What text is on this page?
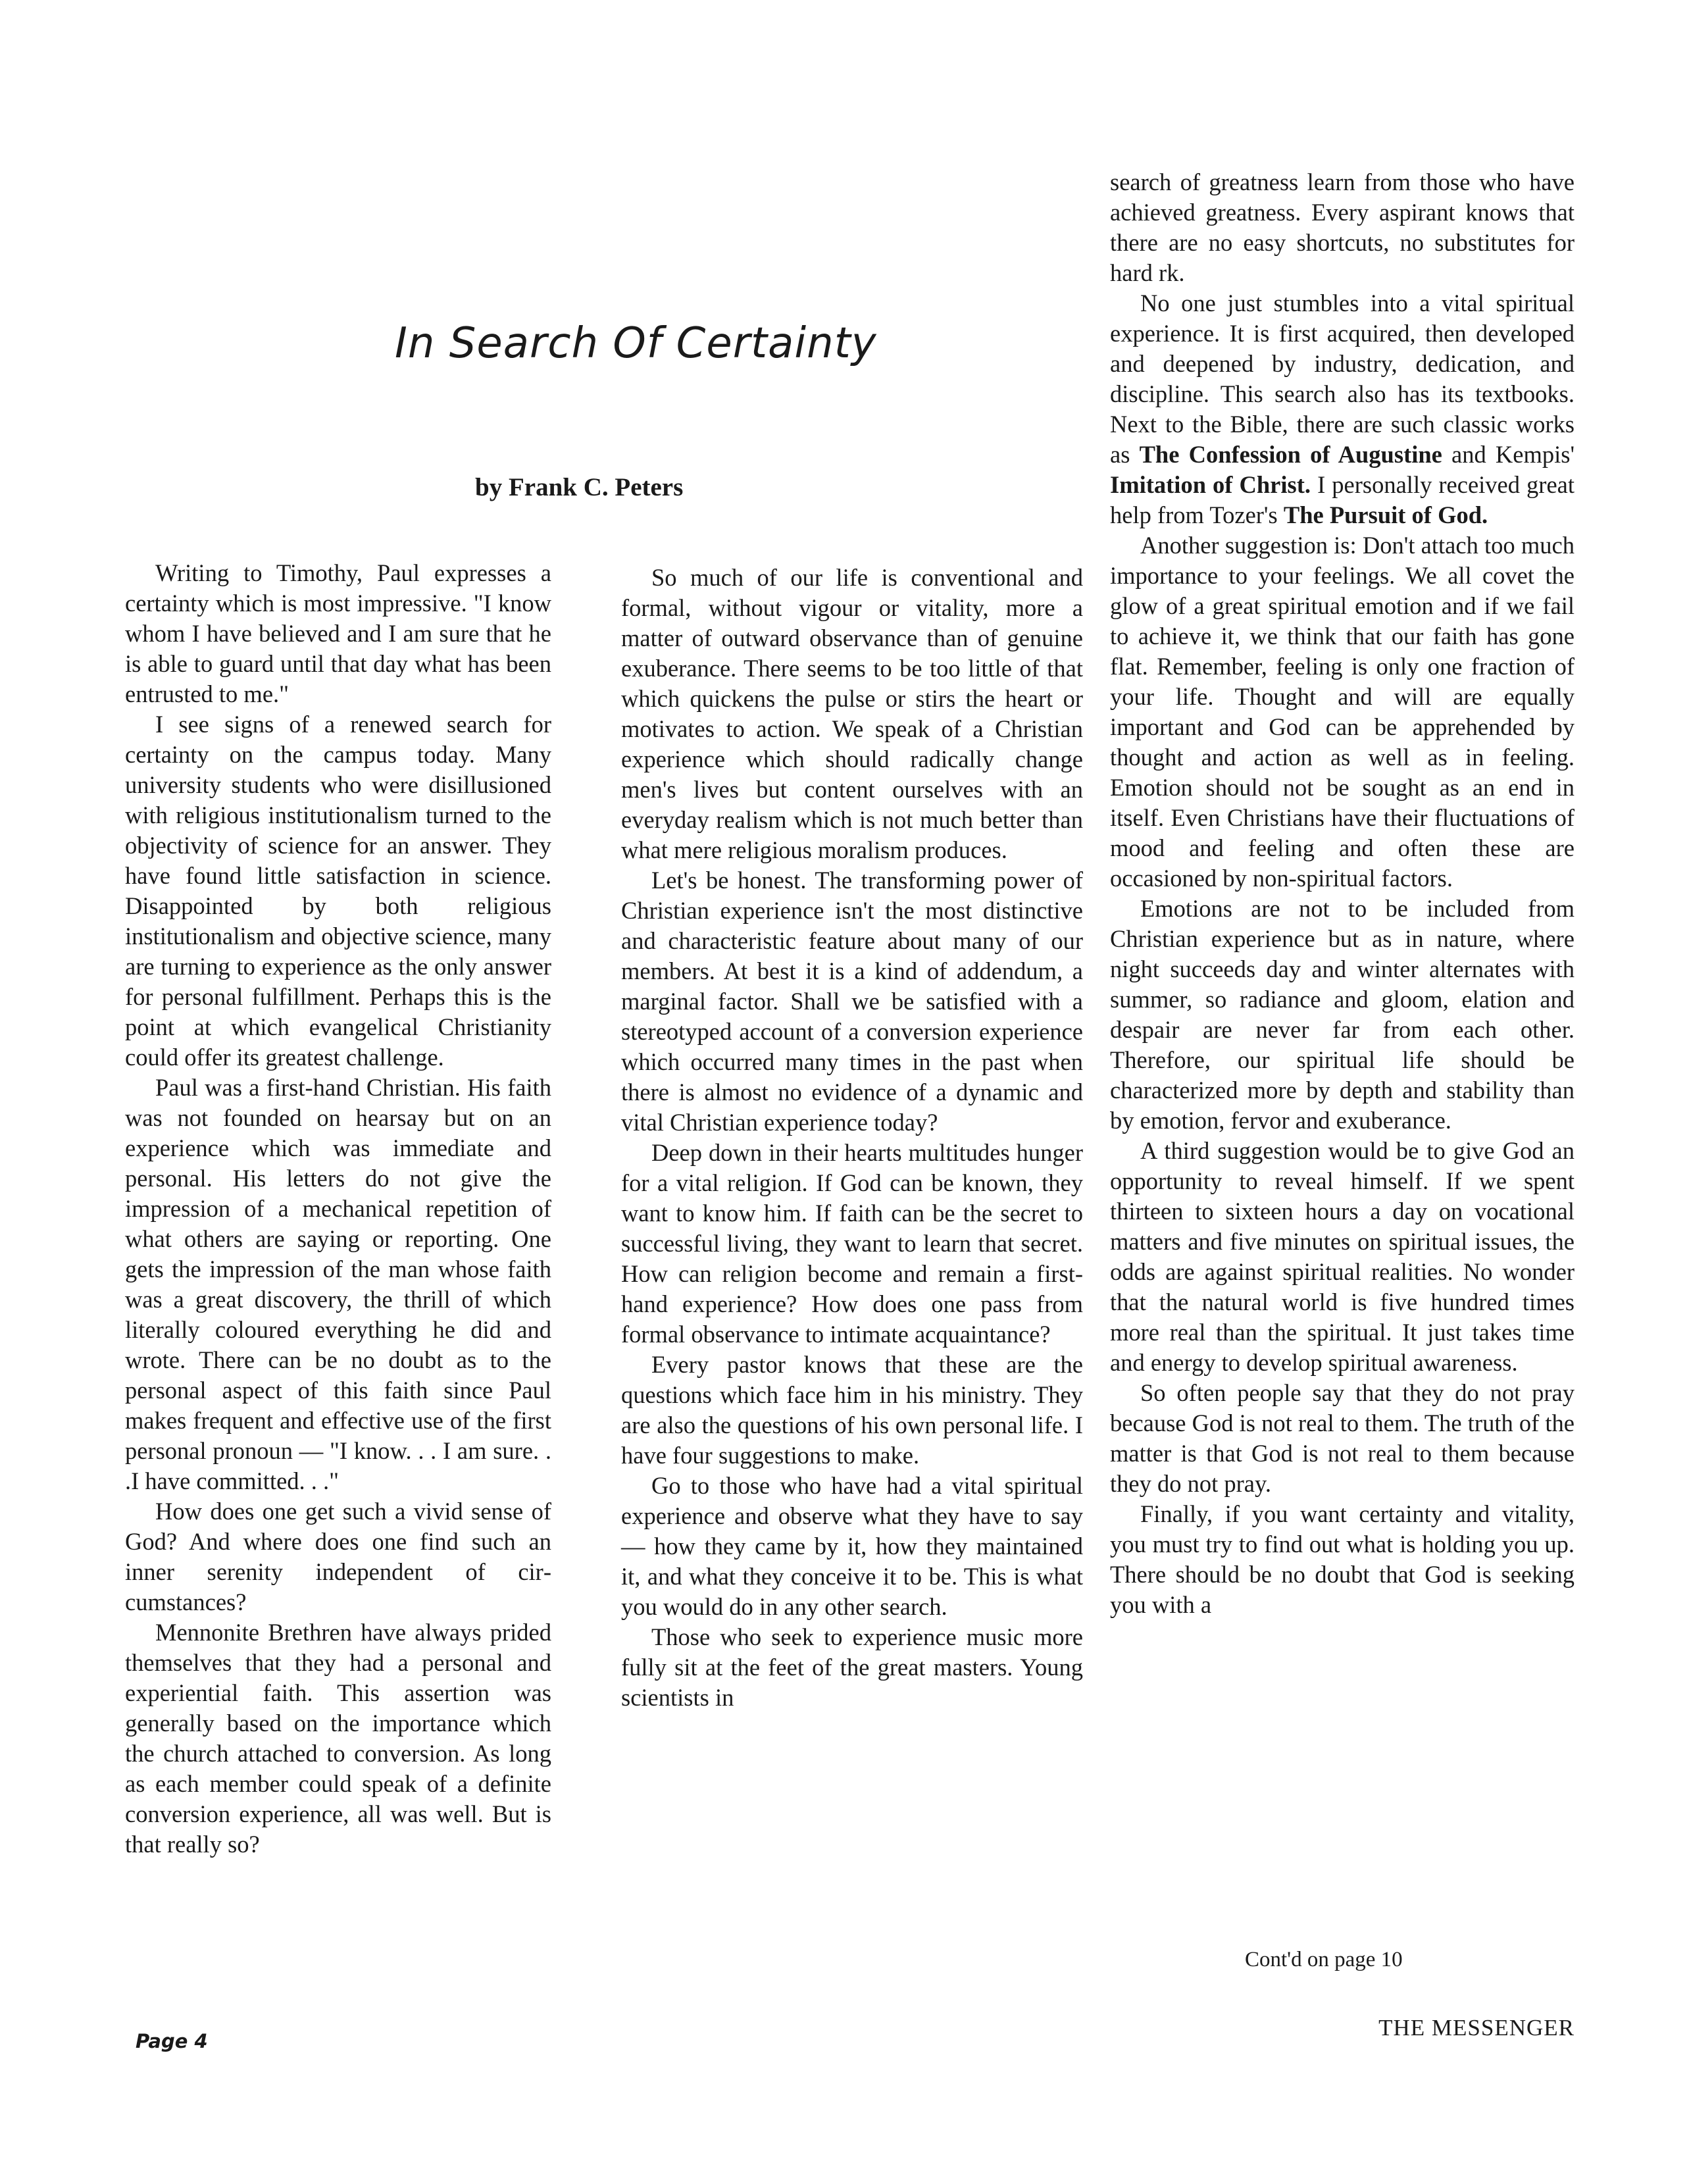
In Search Of Certainty
by Frank C. Peters

Writing to Timothy, Paul expresses a certainty which is most impressive. "I know whom I have believed and I am sure that he is able to guard until that day what has been entrusted to me."

I see signs of a renewed search for certainty on the campus today. Many university students who were disillusioned with religious institutionalism turned to the objectivity of science for an answer. They have found little satisfaction in science. Disappointed by both religious institutionalism and objective science, many are turning to experience as the only answer for personal fulfillment. Perhaps this is the point at which evangelical Christianity could offer its greatest challenge.

Paul was a first-hand Christian. His faith was not founded on hearsay but on an experience which was immediate and personal. His letters do not give the impression of a mechanical repetition of what others are saying or reporting. One gets the impression of the man whose faith was a great discovery, the thrill of which literally coloured everything he did and wrote. There can be no doubt as to the personal aspect of this faith since Paul makes frequent and effective use of the first personal pronoun — "I know. . . I am sure. . .I have committed. . ."

How does one get such a vivid sense of God? And where does one find such an inner serenity independent of circumstances?

Mennonite Brethren have always prided themselves that they had a personal and experiential faith. This assertion was generally based on the importance which the church attached to conversion. As long as each member could speak of a definite conversion experience, all was well. But is that really so?

So much of our life is conventional and formal, without vigour or vitality, more a matter of outward observance than of genuine exuberance. There seems to be too little of that which quickens the pulse or stirs the heart or motivates to action. We speak of a Christian experience which should radically change men's lives but content ourselves with an everyday realism which is not much better than what mere religious moralism produces.

Let's be honest. The transforming power of Christian experience isn't the most distinctive and characteristic feature about many of our members. At best it is a kind of addendum, a marginal factor. Shall we be satisfied with a stereotyped account of a conversion experience which occurred many times in the past when there is almost no evidence of a dynamic and vital Christian experience today?

Deep down in their hearts multitudes hunger for a vital religion. If God can be known, they want to know him. If faith can be the secret to successful living, they want to learn that secret. How can religion become and remain a first-hand experience? How does one pass from formal observance to intimate acquaintance?

Every pastor knows that these are the questions which face him in his ministry. They are also the questions of his own personal life. I have four suggestions to make.

Go to those who have had a vital spiritual experience and observe what they have to say — how they came by it, how they maintained it, and what they conceive it to be. This is what you would do in any other search.

Those who seek to experience music more fully sit at the feet of the great masters. Young scientists in

search of greatness learn from those who have achieved greatness. Every aspirant knows that there are no easy shortcuts, no substitutes for hard rk.

No one just stumbles into a vital spiritual experience. It is first acquired, then developed and deepened by industry, dedication, and discipline. This search also has its textbooks. Next to the Bible, there are such classic works as The Confession of Augustine and Kempis' Imitation of Christ. I personally received great help from Tozer's The Pursuit of God.

Another suggestion is: Don't attach too much importance to your feelings. We all covet the glow of a great spiritual emotion and if we fail to achieve it, we think that our faith has gone flat. Remember, feeling is only one fraction of your life. Thought and will are equally important and God can be apprehended by thought and action as well as in feeling. Emotion should not be sought as an end in itself. Even Christians have their fluctuations of mood and feeling and often these are occasioned by non-spiritual factors.

Emotions are not to be included from Christian experience but as in nature, where night succeeds day and winter alternates with summer, so radiance and gloom, elation and despair are never far from each other. Therefore, our spiritual life should be characterized more by depth and stability than by emotion, fervor and exuberance.

A third suggestion would be to give God an opportunity to reveal himself. If we spent thirteen to sixteen hours a day on vocational matters and five minutes on spiritual issues, the odds are against spiritual realities. No wonder that the natural world is five hundred times more real than the spiritual. It just takes time and energy to develop spiritual awareness.

So often people say that they do not pray because God is not real to them. The truth of the matter is that God is not real to them because they do not pray.

Finally, if you want certainty and vitality, you must try to find out what is holding you up. There should be no doubt that God is seeking you with a

Cont'd on page 10
Page 4
THE MESSENGER
